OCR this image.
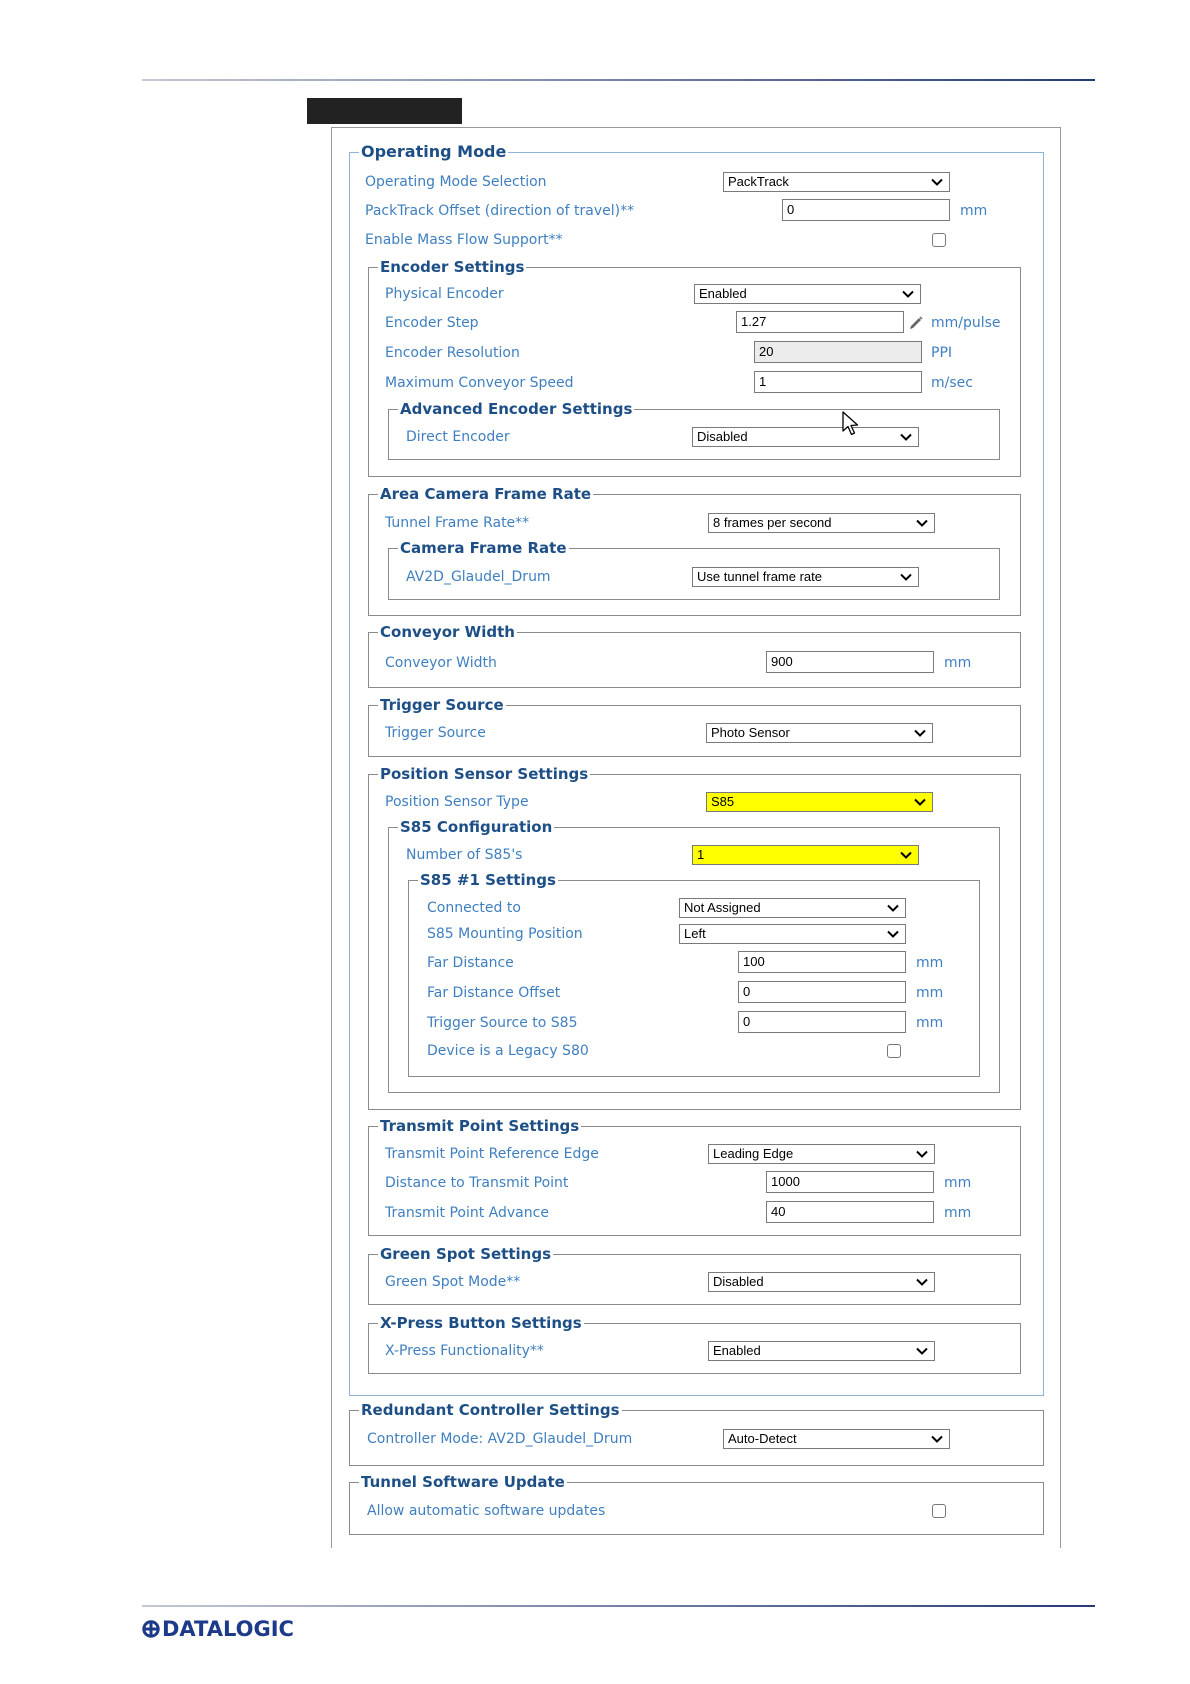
Operating Mode
Operating Mode Selection	PackTrack
PackTrack Offset (direction of travel)**	0	mm
Enable Mass Flow Support**
Encoder Settings
Physical Encoder	Enabled
Encoder Step	1.27	mm/pulse
Encoder Resolution	20	PPI
Maximum Conveyor Speed	1	m/sec
Advanced Encoder Settings
Direct Encoder	Disabled
Area Camera Frame Rate
Tunnel Frame Rate**	8 frames per second
Camera Frame Rate
AV2D_Glaudel_Drum	Use tunnel frame rate
Conveyor Width
Conveyor Width	900	mm
Trigger Source
Trigger Source	Photo Sensor
Position Sensor Settings
Position Sensor Type	S85
S85 Configuration
Number of S85's	1
S85 #1 Settings
Connected to	Not Assigned
S85 Mounting Position	Left
Far Distance	100	mm
Far Distance Offset	0	mm
Trigger Source to S85	0	mm
Device is a Legacy S80
Transmit Point Settings
Transmit Point Reference Edge	Leading Edge
Distance to Transmit Point	1000	mm
Transmit Point Advance	40	mm
Green Spot Settings
Green Spot Mode**	Disabled
X-Press Button Settings
X-Press Functionality**	Enabled
Redundant Controller Settings
Controller Mode: AV2D_Glaudel_Drum	Auto-Detect
Tunnel Software Update
Allow automatic software updates
DATALOGIC
